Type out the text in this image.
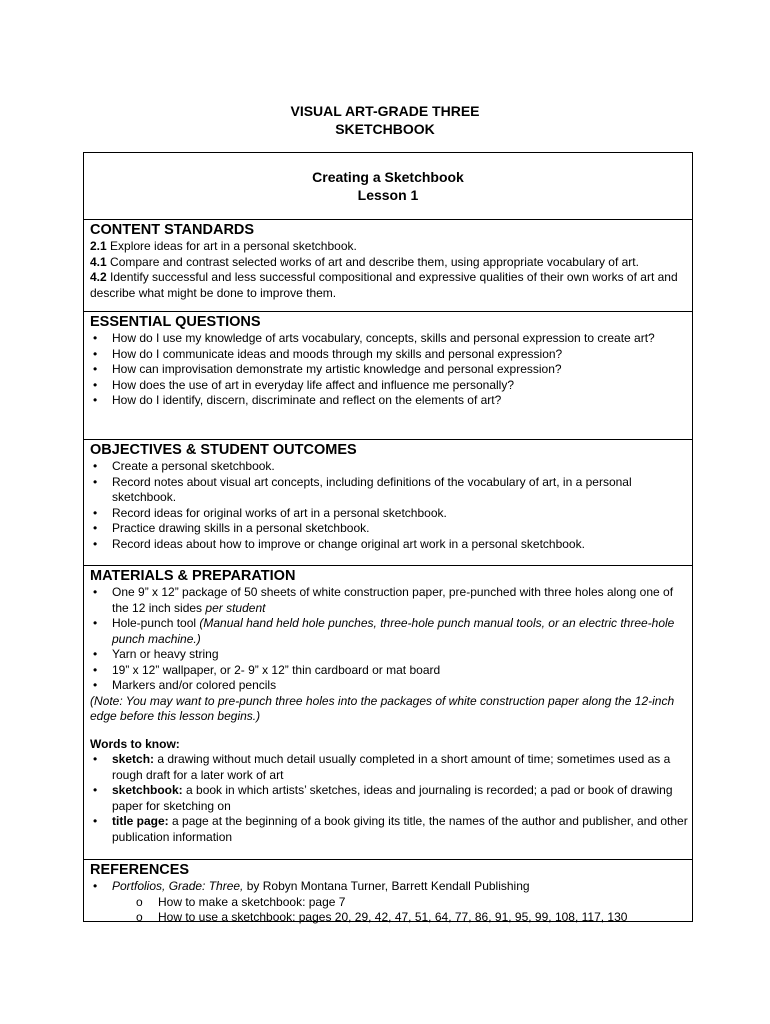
VISUAL ART-GRADE THREE
SKETCHBOOK
Creating a Sketchbook
Lesson 1
CONTENT STANDARDS
2.1 Explore ideas for art in a personal sketchbook.
4.1 Compare and contrast selected works of art and describe them, using appropriate vocabulary of art.
4.2 Identify successful and less successful compositional and expressive qualities of their own works of art and describe what might be done to improve them.
ESSENTIAL QUESTIONS
• How do I use my knowledge of arts vocabulary, concepts, skills and personal expression to create art?
• How do I communicate ideas and moods through my skills and personal expression?
• How can improvisation demonstrate my artistic knowledge and personal expression?
• How does the use of art in everyday life affect and influence me personally?
• How do I identify, discern, discriminate and reflect on the elements of art?
OBJECTIVES & STUDENT OUTCOMES
• Create a personal sketchbook.
• Record notes about visual art concepts, including definitions of the vocabulary of art, in a personal sketchbook.
• Record ideas for original works of art in a personal sketchbook.
• Practice drawing skills in a personal sketchbook.
• Record ideas about how to improve or change original art work in a personal sketchbook.
MATERIALS & PREPARATION
• One 9” x 12” package of 50 sheets of white construction paper, pre-punched with three holes along one of the 12 inch sides per student
• Hole-punch tool (Manual hand held hole punches, three-hole punch manual tools, or an electric three-hole punch machine.)
• Yarn or heavy string
• 19” x 12” wallpaper, or 2- 9” x 12” thin cardboard or mat board
• Markers and/or colored pencils
(Note: You may want to pre-punch three holes into the packages of white construction paper along the 12-inch edge before this lesson begins.)
Words to know:
• sketch: a drawing without much detail usually completed in a short amount of time; sometimes used as a rough draft for a later work of art
• sketchbook: a book in which artists’ sketches, ideas and journaling is recorded; a pad or book of drawing paper for sketching on
• title page: a page at the beginning of a book giving its title, the names of the author and publisher, and other publication information
REFERENCES
• Portfolios, Grade: Three, by Robyn Montana Turner, Barrett Kendall Publishing
o How to make a sketchbook: page 7
o How to use a sketchbook: pages 20, 29, 42, 47, 51, 64, 77, 86, 91, 95, 99, 108, 117, 130
